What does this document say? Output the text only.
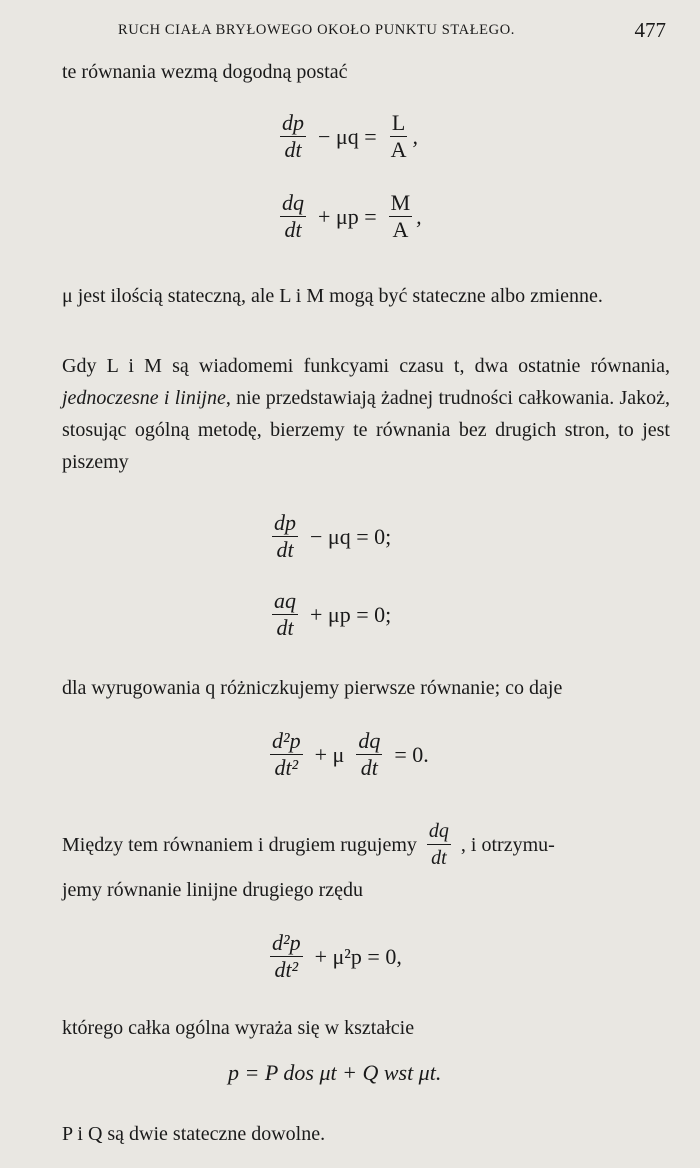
RUCH CIAŁA BRYŁOWEGO OKOŁO PUNKTU STAŁEGO.	477

te równania wezmą dogodną postać

$\frac{dp}{dt} - \mu q = \frac{L}{A}$ ,
$\frac{dq}{dt} + \mu p = \frac{M}{A}$ ,

μ jest ilością stateczną, ale L i M mogą być stateczne albo zmienne.

Gdy L i M są wiadomemi funkcyami czasu t, dwa ostatnie równania, jednoczesne i linijne, nie przedstawiają żadnej trudności całkowania. Jakoż, stosując ogólną metodę, bierzemy te równania bez drugich stron, to jest piszemy

$\frac{dp}{dt} - \mu q = 0$;
$\frac{aq}{dt} + \mu p = 0$;

dla wyrugowania q różniczkujemy pierwsze równanie; co daje

$\frac{\text{d²p}}{\text{dt²}} + \mu \frac{dq}{dt} = 0$.
Między tem równaniem i drugiem rugujemy $\frac{dq}{dt}$ , i otrzymu-

jemy równanie linijne drugiego rzędu

$\frac{\text{d²p}}{\text{dt²}} + \mu^2p = 0$,

którego całka ogólna wyraża się w kształcie

p = P dos μt + Q wst μt.

P i Q są dwie stateczne dowolne.
